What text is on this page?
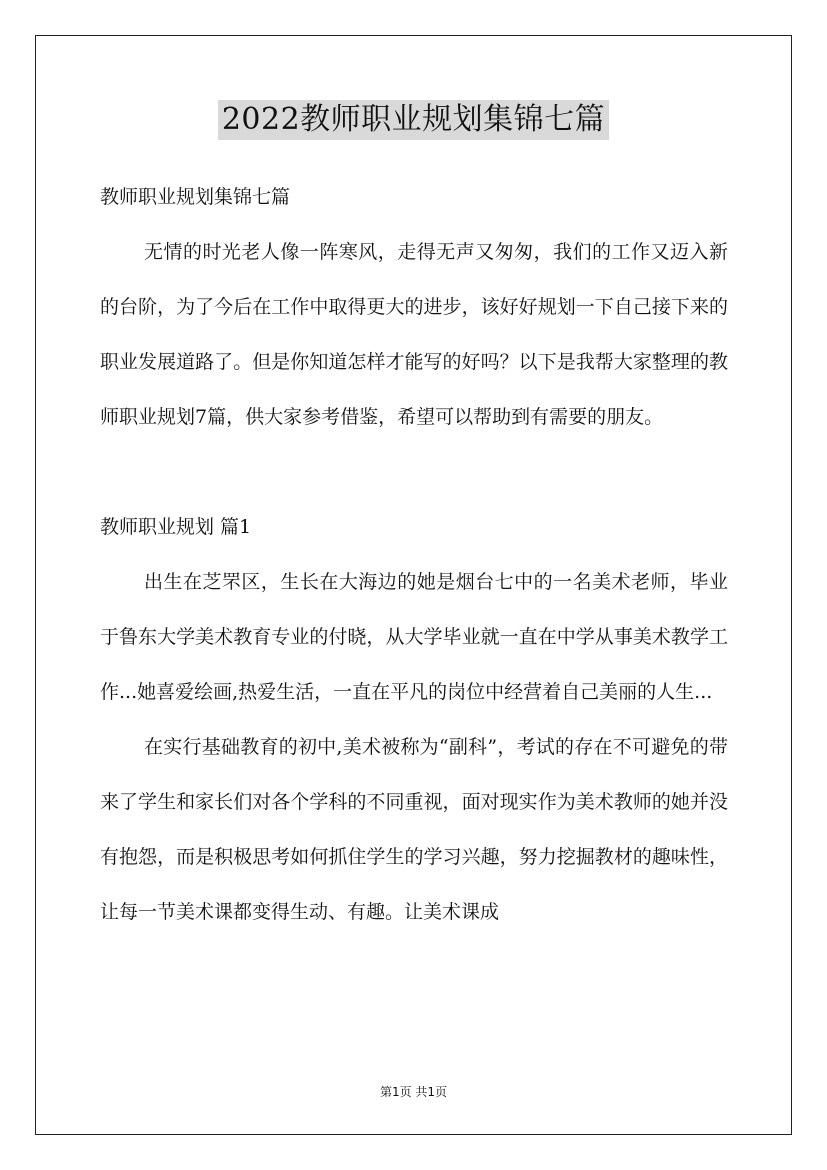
2022教师职业规划集锦七篇

教师职业规划集锦七篇

无情的时光老人像一阵寒风，走得无声又匆匆，我们的工作又迈入新的台阶，为了今后在工作中取得更大的进步，该好好规划一下自己接下来的职业发展道路了。但是你知道怎样才能写的好吗？以下是我帮大家整理的教师职业规划7篇，供大家参考借鉴，希望可以帮助到有需要的朋友。

教师职业规划 篇1

出生在芝罘区，生长在大海边的她是烟台七中的一名美术老师，毕业于鲁东大学美术教育专业的付晓，从大学毕业就一直在中学从事美术教学工作...她喜爱绘画,热爱生活，一直在平凡的岗位中经营着自己美丽的人生...

在实行基础教育的初中,美术被称为“副科”，考试的存在不可避免的带来了学生和家长们对各个学科的不同重视，面对现实作为美术教师的她并没有抱怨，而是积极思考如何抓住学生的学习兴趣，努力挖掘教材的趣味性，让每一节美术课都变得生动、有趣。让美术课成

第1页 共1页
